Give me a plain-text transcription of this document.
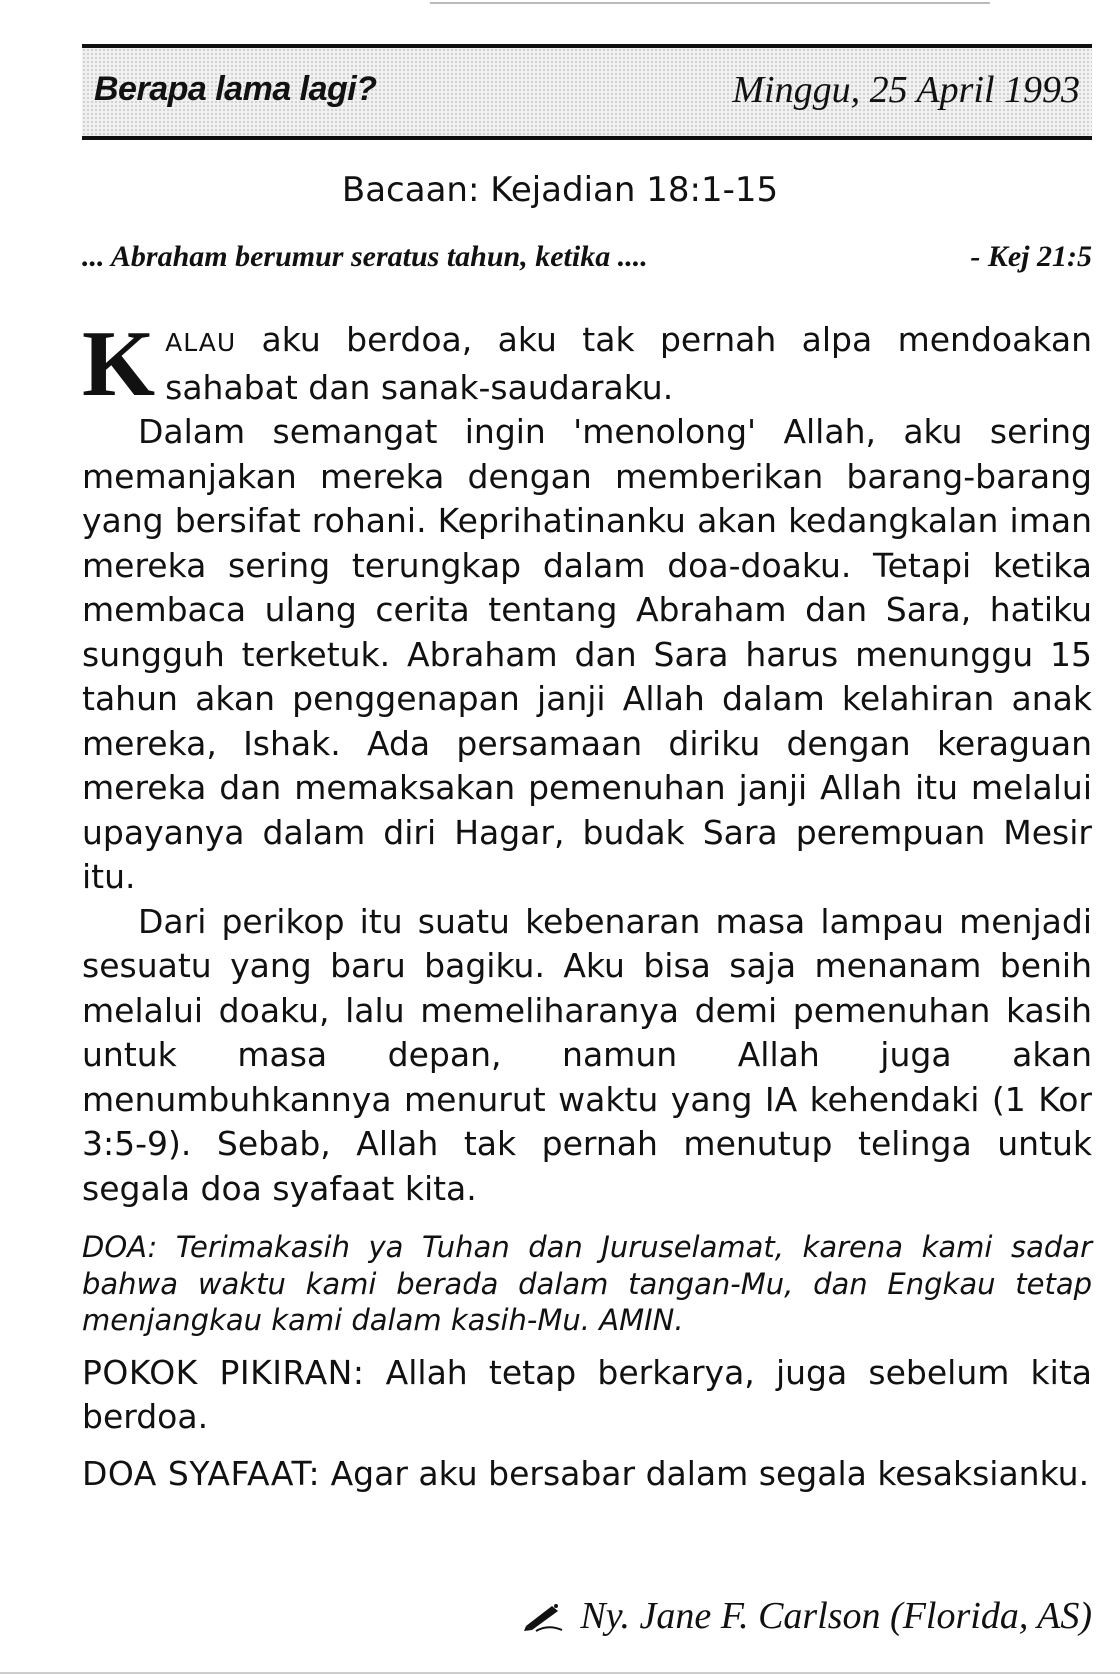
Berapa lama lagi?	Minggu, 25 April 1993
Bacaan: Kejadian 18:1-15
... Abraham berumur seratus tahun, ketika ....	- Kej 21:5

KALAU aku berdoa, aku tak pernah alpa mendoakan sahabat dan sanak-saudaraku.

Dalam semangat ingin 'menolong' Allah, aku sering memanjakan mereka dengan memberikan barang-barang yang bersifat rohani. Keprihatinanku akan kedangkalan iman mereka sering terungkap dalam doa-doaku. Tetapi ketika membaca ulang cerita tentang Abraham dan Sara, hatiku sungguh terketuk. Abraham dan Sara harus menunggu 15 tahun akan penggenapan janji Allah dalam kelahiran anak mereka, Ishak. Ada persamaan diriku dengan keraguan mereka dan memaksakan pemenuhan janji Allah itu melalui upayanya dalam diri Hagar, budak Sara perempuan Mesir itu.

Dari perikop itu suatu kebenaran masa lampau menjadi sesuatu yang baru bagiku. Aku bisa saja menanam benih melalui doaku, lalu memeliharanya demi pemenuhan kasih untuk masa depan, namun Allah juga akan menumbuhkannya menurut waktu yang IA kehendaki (1 Kor 3:5-9). Sebab, Allah tak pernah menutup telinga untuk segala doa syafaat kita.

DOA: Terimakasih ya Tuhan dan Juruselamat, karena kami sadar bahwa waktu kami berada dalam tangan-Mu, dan Engkau tetap menjangkau kami dalam kasih-Mu. AMIN.

POKOK PIKIRAN: Allah tetap berkarya, juga sebelum kita berdoa.

DOA SYAFAAT: Agar aku bersabar dalam segala kesaksianku.

Ny. Jane F. Carlson (Florida, AS)
